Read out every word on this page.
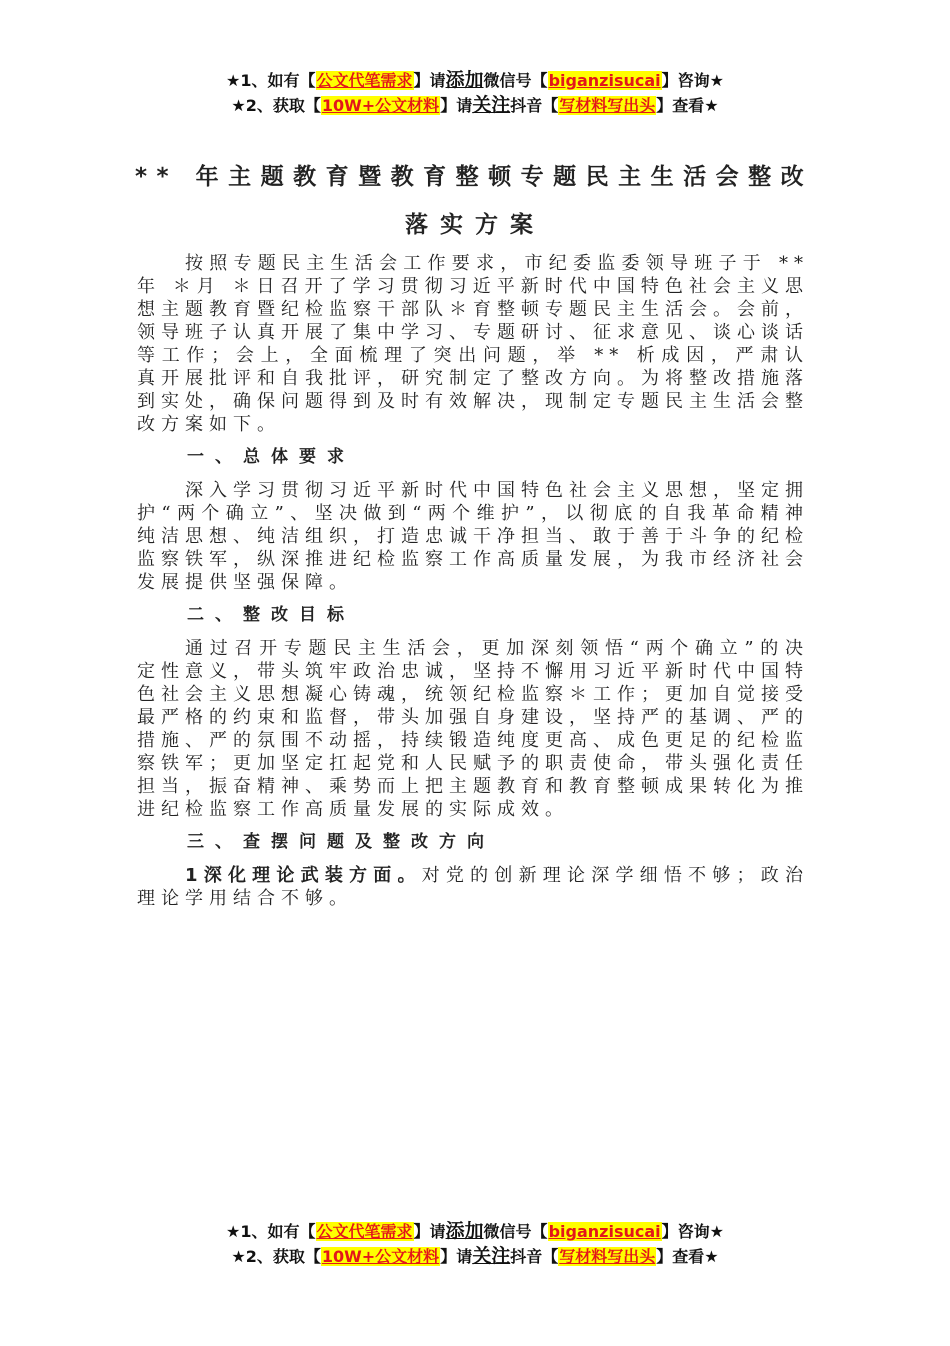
★1、如有【公文代笔需求】请添加微信号【biganzisucai】咨询★
★2、获取【10W+公文材料】请关注抖音【写材料写出头】查看★
** 年主题教育暨教育整顿专题民主生活会整改
落实方案

按照专题民主生活会工作要求，市纪委监委领导班子于 ** 年 ＊月 ＊日召开了学习贯彻习近平新时代中国特色社会主义思想主题教育暨纪检监察干部队＊育整顿专题民主生活会。会前，领导班子认真开展了集中学习、专题研讨、征求意见、谈心谈话等工作；会上，全面梳理了突出问题，举 ** 析成因，严肃认真开展批评和自我批评，研究制定了整改方向。为将整改措施落到实处，确保问题得到及时有效解决，现制定专题民主生活会整改方案如下。

一、总体要求

深入学习贯彻习近平新时代中国特色社会主义思想，坚定拥护“两个确立”、坚决做到“两个维护”，以彻底的自我革命精神纯洁思想、纯洁组织，打造忠诚干净担当、敢于善于斗争的纪检监察铁军，纵深推进纪检监察工作高质量发展，为我市经济社会发展提供坚强保障。

二、整改目标

通过召开专题民主生活会，更加深刻领悟“两个确立”的决定性意义，带头筑牢政治忠诚，坚持不懈用习近平新时代中国特色社会主义思想凝心铸魂，统领纪检监察＊工作；更加自觉接受最严格的约束和监督，带头加强自身建设，坚持严的基调、严的措施、严的氛围不动摇，持续锻造纯度更高、成色更足的纪检监察铁军；更加坚定扛起党和人民赋予的职责使命，带头强化责任担当，振奋精神、乘势而上把主题教育和教育整顿成果转化为推进纪检监察工作高质量发展的实际成效。

三、查摆问题及整改方向

1深化理论武装方面。对党的创新理论深学细悟不够；政治理论学用结合不够。

★1、如有【公文代笔需求】请添加微信号【biganzisucai】咨询★
★2、获取【10W+公文材料】请关注抖音【写材料写出头】查看★
